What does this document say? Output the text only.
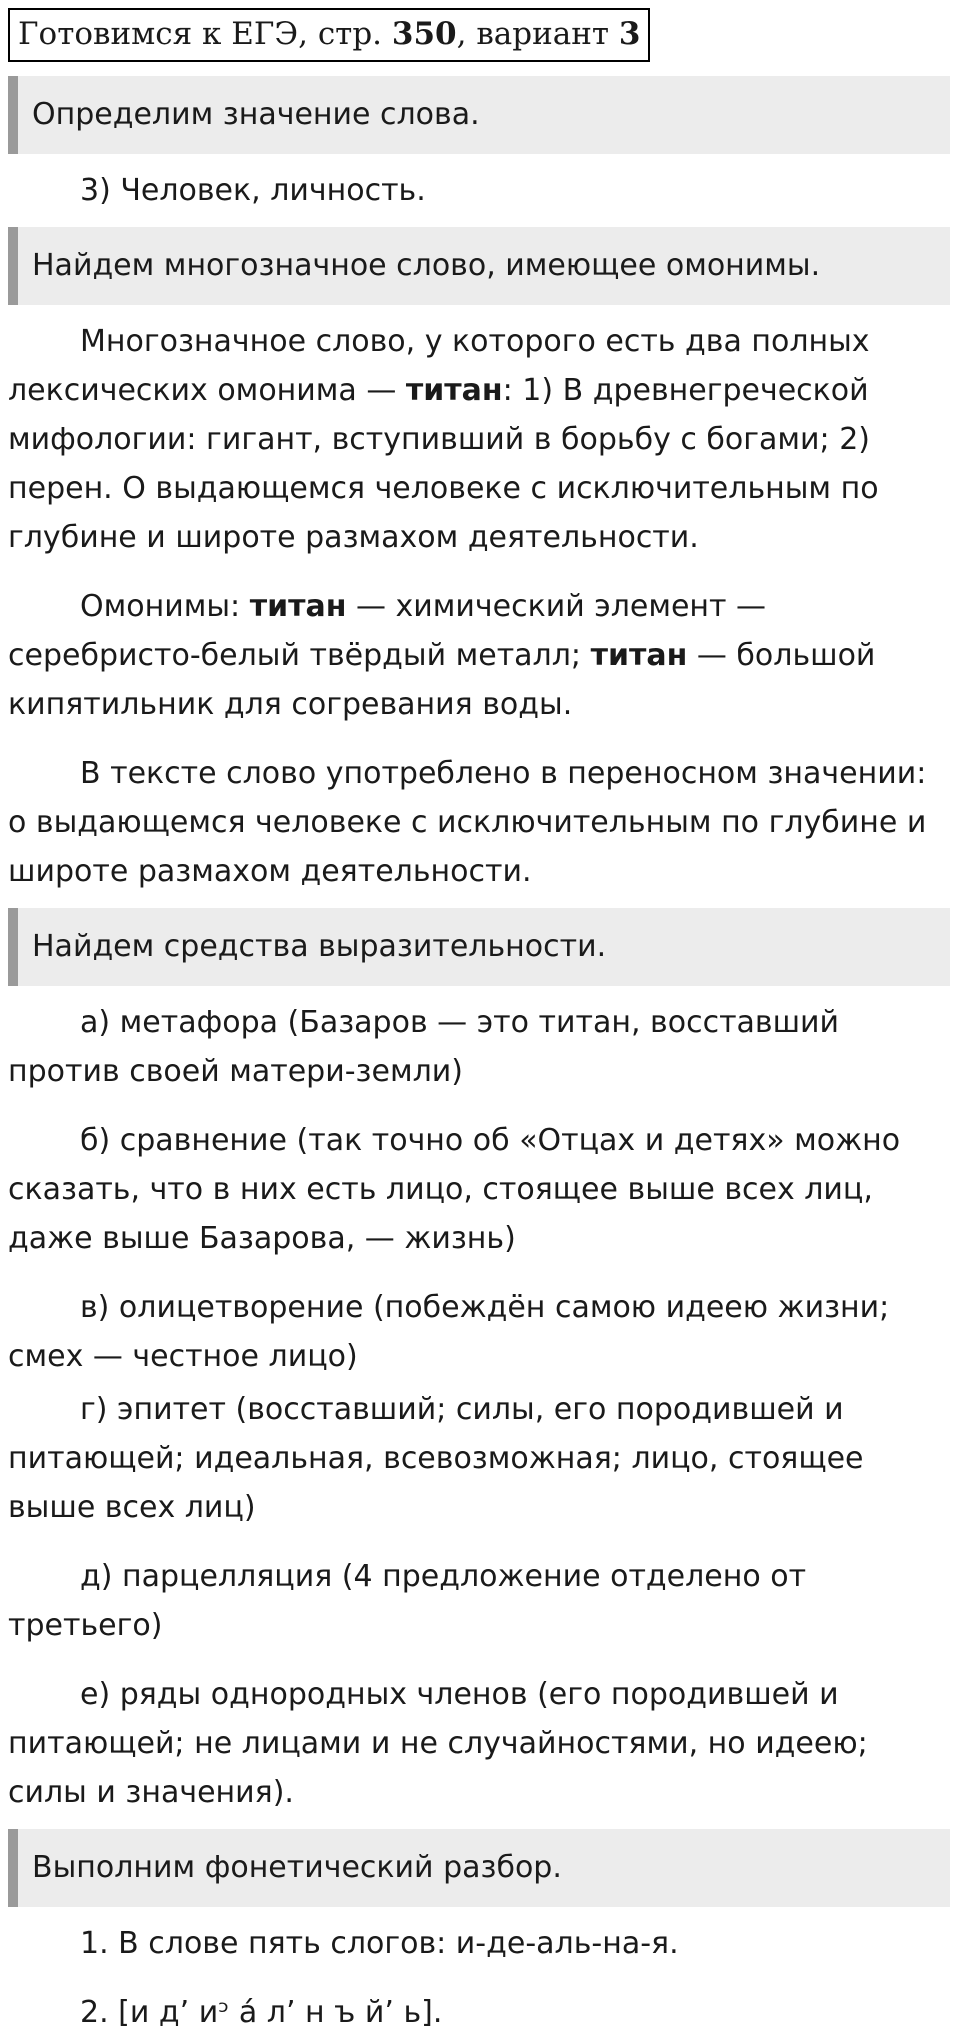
Готовимся к ЕГЭ, стр. 350, вариант 3
Определим значение слова.

3) Человек, личность.

Найдем многозначное слово, имеющее омонимы.

Многозначное слово, у которого есть два полных лексических омонима — титан: 1) В древнегреческой мифологии: гигант, вступивший в борьбу с богами; 2) перен. О выдающемся человеке с исключительным по глубине и широте размахом деятельности.

Омонимы: титан — химический элемент — серебристо-белый твёрдый металл; титан — большой кипятильник для согревания воды.

В тексте слово употреблено в переносном значении: о выдающемся человеке с исключительным по глубине и широте размахом деятельности.

Найдем средства выразительности.

а) метафора (Базаров — это титан, восставший против своей матери-земли)

б) сравнение (так точно об «Отцах и детях» можно сказать, что в них есть лицо, стоящее выше всех лиц, даже выше Базарова, — жизнь)

в) олицетворение (побеждён самою идеею жизни; смех — честное лицо)

г) эпитет (восставший; силы, его породившей и питающей; идеальная, всевозможная; лицо, стоящее выше всех лиц)

д) парцелляция (4 предложение отделено от третьего)

е) ряды однородных членов (его породившей и питающей; не лицами и не случайностями, но идеею; силы и значения).

Выполним фонетический разбор.

1. В слове пять слогов: и-де-аль-на-я.

2. [и д’ иᵓ а́ л’ н ъ й’ ь].
